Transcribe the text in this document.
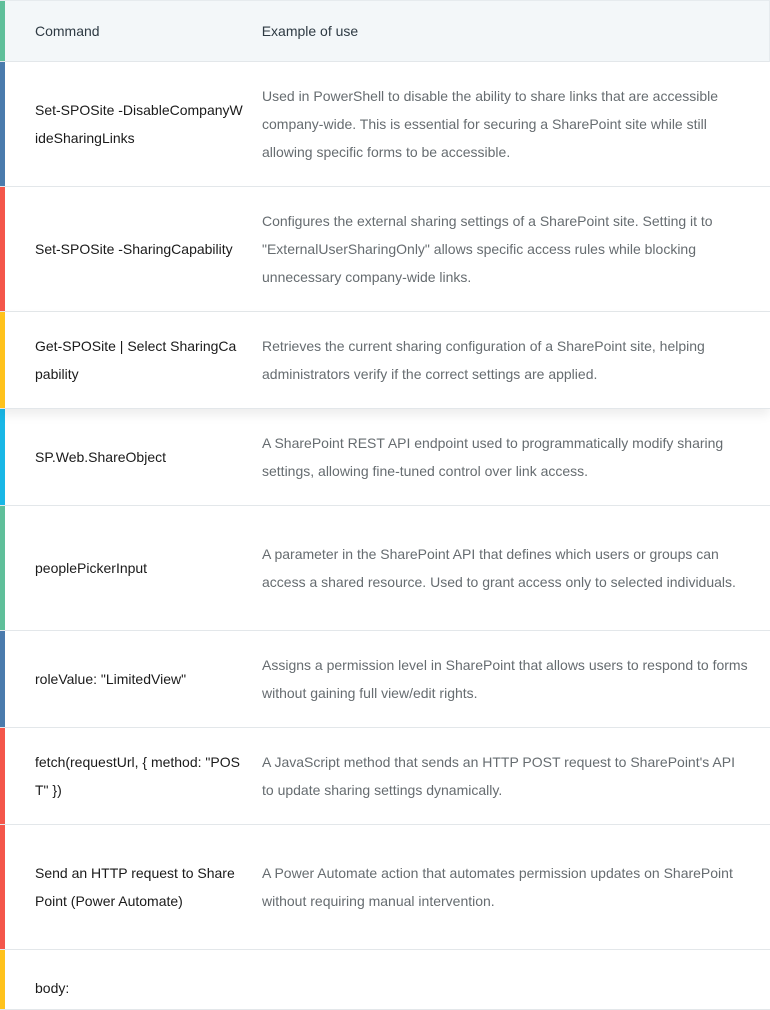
Command	Example of use
Set-SPOSite -DisableCompanyWideSharingLinks
Used in PowerShell to disable the ability to share links that are accessible company-wide. This is essential for securing a SharePoint site while still allowing specific forms to be accessible.
Set-SPOSite -SharingCapability
Configures the external sharing settings of a SharePoint site. Setting it to "ExternalUserSharingOnly" allows specific access rules while blocking unnecessary company-wide links.
Get-SPOSite | Select SharingCapability
Retrieves the current sharing configuration of a SharePoint site, helping administrators verify if the correct settings are applied.
SP.Web.ShareObject
A SharePoint REST API endpoint used to programmatically modify sharing settings, allowing fine-tuned control over link access.
peoplePickerInput
A parameter in the SharePoint API that defines which users or groups can access a shared resource. Used to grant access only to selected individuals.
roleValue: "LimitedView"
Assigns a permission level in SharePoint that allows users to respond to forms without gaining full view/edit rights.
fetch(requestUrl, { method: "POST" })
A JavaScript method that sends an HTTP POST request to SharePoint's API to update sharing settings dynamically.
Send an HTTP request to SharePoint (Power Automate)
A Power Automate action that automates permission updates on SharePoint without requiring manual intervention.
body:
